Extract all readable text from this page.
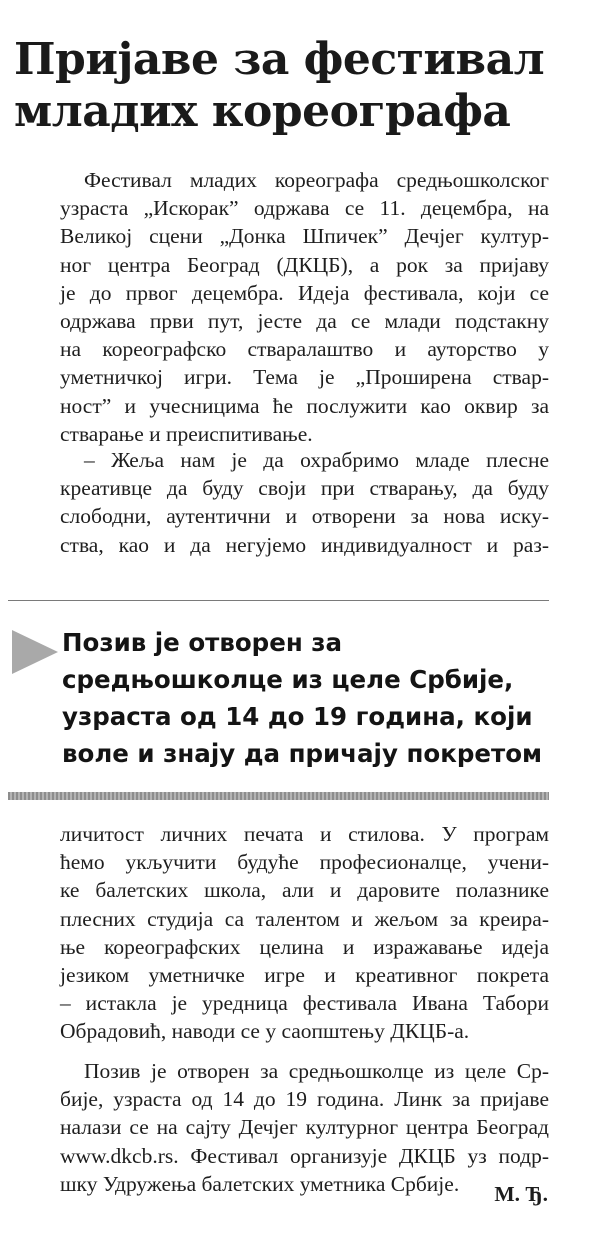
Пријаве за фестивал младих кореографа

Фестивал младих кореографа средњошколског

узраста „Искорак” одржава се 11. децембра, на

Великој сцени „Донка Шпичек” Дечјег култур-

ног центра Београд (ДКЦБ), а рок за пријаву

је до првог децембра. Идеја фестивала, који се

одржава први пут, јесте да се млади подстакну

на кореографско стваралаштво и ауторство у

уметничкој игри. Тема је „Проширена ствар-

ност” и учесницима ће послужити као оквир за

стварање и преиспитивање.

– Жеља нам је да охрабримо младе плесне

креативце да буду своји при стварању, да буду

слободни, аутентични и отворени за нова иску-

ства, као и да негујемо индивидуалност и раз-

Позив је отворен за

средњошколце из целе Србије,

узраста од 14 до 19 година, који

воле и знају да причају покретом

личитост личних печата и стилова. У програм

ћемо укључити будуће професионалце, учени-

ке балетских школа, али и даровите полазнике

плесних студија са талентом и жељом за креира-

ње кореографских целина и изражавање идеја

језиком уметничке игре и креативног покрета

– истакла је уредница фестивала Ивана Табори

Обрадовић, наводи се у саопштењу ДКЦБ-а.

Позив је отворен за средњошколце из целе Ср-

бије, узраста од 14 до 19 година. Линк за пријаве

налази се на сајту Дечјег културног центра Београд

www.dkcb.rs. Фестивал организује ДКЦБ уз подр-

шку Удружења балетских уметника Србије.	М. Ђ.
